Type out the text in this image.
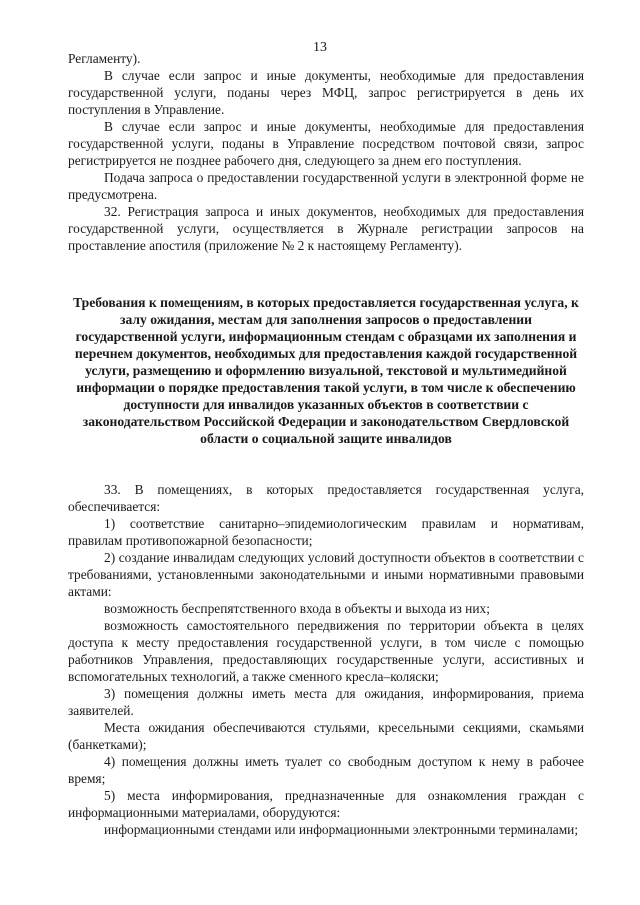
13

Регламенту).

В случае если запрос и иные документы, необходимые для предоставления государственной услуги, поданы через МФЦ, запрос регистрируется в день их поступления в Управление.

В случае если запрос и иные документы, необходимые для предоставления государственной услуги, поданы в Управление посредством почтовой связи, запрос регистрируется не позднее рабочего дня, следующего за днем его поступления.

Подача запроса о предоставлении государственной услуги в электронной форме не предусмотрена.

32. Регистрация запроса и иных документов, необходимых для предоставления государственной услуги, осуществляется в Журнале регистрации запросов на проставление апостиля (приложение № 2 к настоящему Регламенту).

Требования к помещениям, в которых предоставляется государственная услуга, к залу ожидания, местам для заполнения запросов о предоставлении государственной услуги, информационным стендам с образцами их заполнения и перечнем документов, необходимых для предоставления каждой государственной услуги, размещению и оформлению визуальной, текстовой и мультимедийной информации о порядке предоставления такой услуги, в том числе к обеспечению доступности для инвалидов указанных объектов в соответствии с законодательством Российской Федерации и законодательством Свердловской области о социальной защите инвалидов

33. В помещениях, в которых предоставляется государственная услуга, обеспечивается:

1) соответствие санитарно–эпидемиологическим правилам и нормативам, правилам противопожарной безопасности;

2) создание инвалидам следующих условий доступности объектов в соответствии с требованиями, установленными законодательными и иными нормативными правовыми актами:

возможность беспрепятственного входа в объекты и выхода из них;

возможность самостоятельного передвижения по территории объекта в целях доступа к месту предоставления государственной услуги, в том числе с помощью работников Управления, предоставляющих государственные услуги, ассистивных и вспомогательных технологий, а также сменного кресла–коляски;

3) помещения должны иметь места для ожидания, информирования, приема заявителей.

Места ожидания обеспечиваются стульями, кресельными секциями, скамьями (банкетками);

4) помещения должны иметь туалет со свободным доступом к нему в рабочее время;

5) места информирования, предназначенные для ознакомления граждан с информационными материалами, оборудуются:

информационными стендами или информационными электронными терминалами;
